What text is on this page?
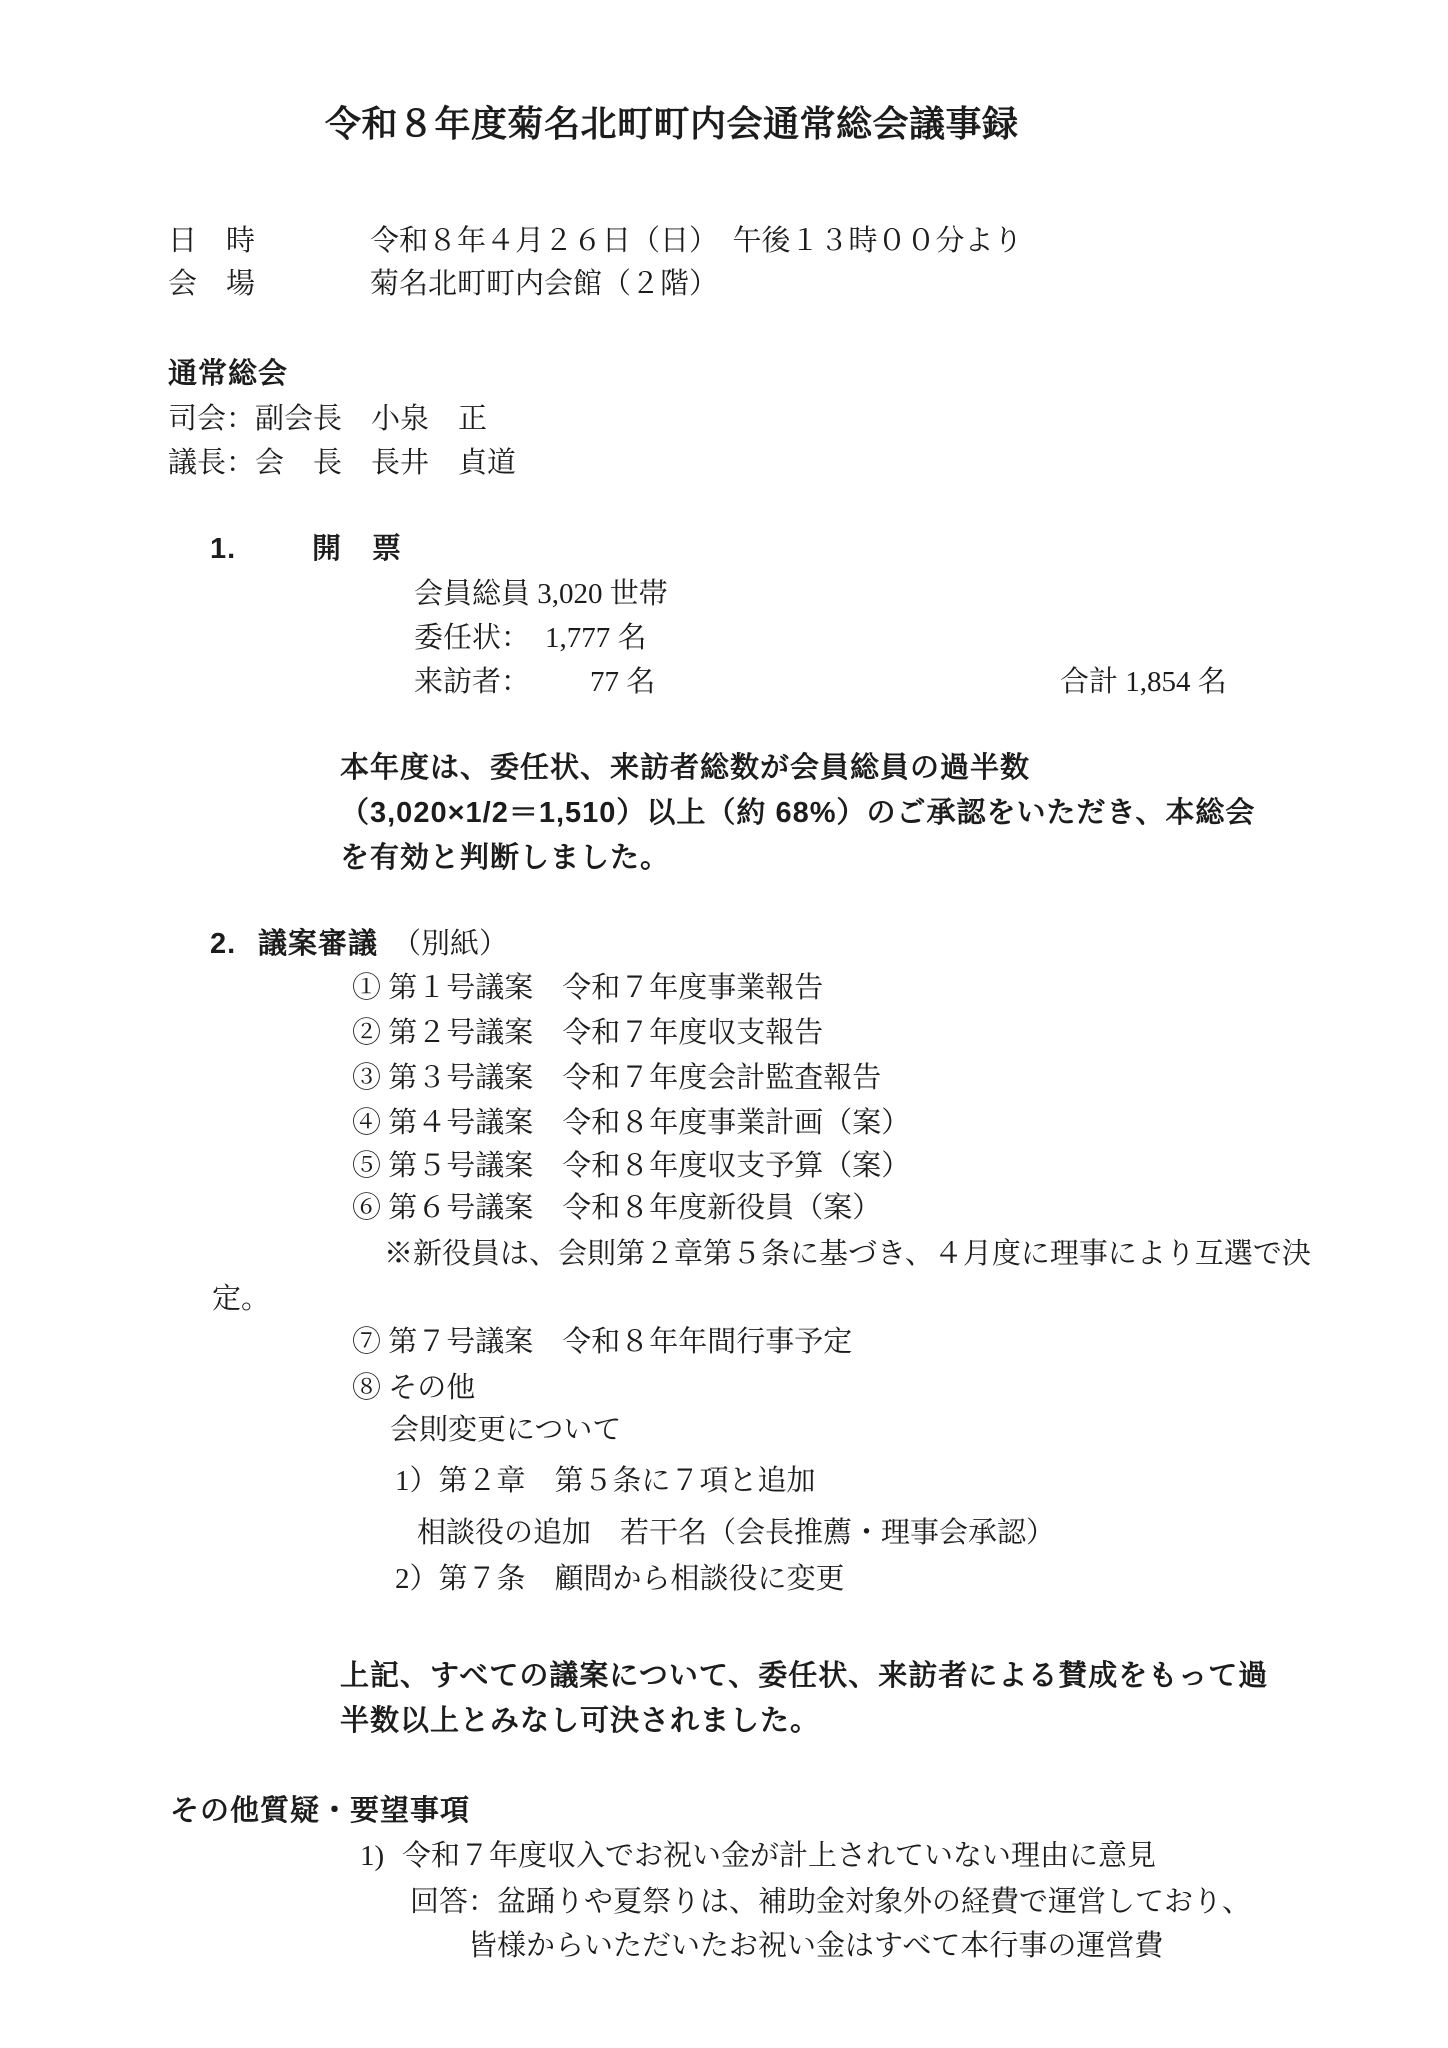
令和８年度菊名北町町内会通常総会議事録
日　時	令和８年４月２６日（日）　午後１３時００分より
会　場	菊名北町町内会館（２階）
通常総会
司会：副会長　小泉　正
議長：会　長　長井　貞道
1.	開　票
会員総員 3,020 世帯
委任状： 1,777 名
来訪者： 77 名	合計 1,854 名
本年度は、委任状、来訪者総数が会員総員の過半数
（3,020×1/2＝1,510）以上（約 68%）のご承認をいただき、本総会
を有効と判断しました。
2. 議案審議 （別紙）
① 第１号議案　令和７年度事業報告
② 第２号議案　令和７年度収支報告
③ 第３号議案　令和７年度会計監査報告
④ 第４号議案　令和８年度事業計画（案）
⑤ 第５号議案　令和８年度収支予算（案）
⑥ 第６号議案　令和８年度新役員（案）
※新役員は、会則第２章第５条に基づき、４月度に理事により互選で決
定。
⑦ 第７号議案　令和８年年間行事予定
⑧ その他
会則変更について
1）第２章　第５条に７項と追加
相談役の追加　若干名（会長推薦・理事会承認）
2）第７条　顧問から相談役に変更
上記、すべての議案について、委任状、来訪者による賛成をもって過
半数以上とみなし可決されました。
その他質疑・要望事項
1) 令和７年度収入でお祝い金が計上されていない理由に意見
回答：盆踊りや夏祭りは、補助金対象外の経費で運営しており、
皆様からいただいたお祝い金はすべて本行事の運営費
